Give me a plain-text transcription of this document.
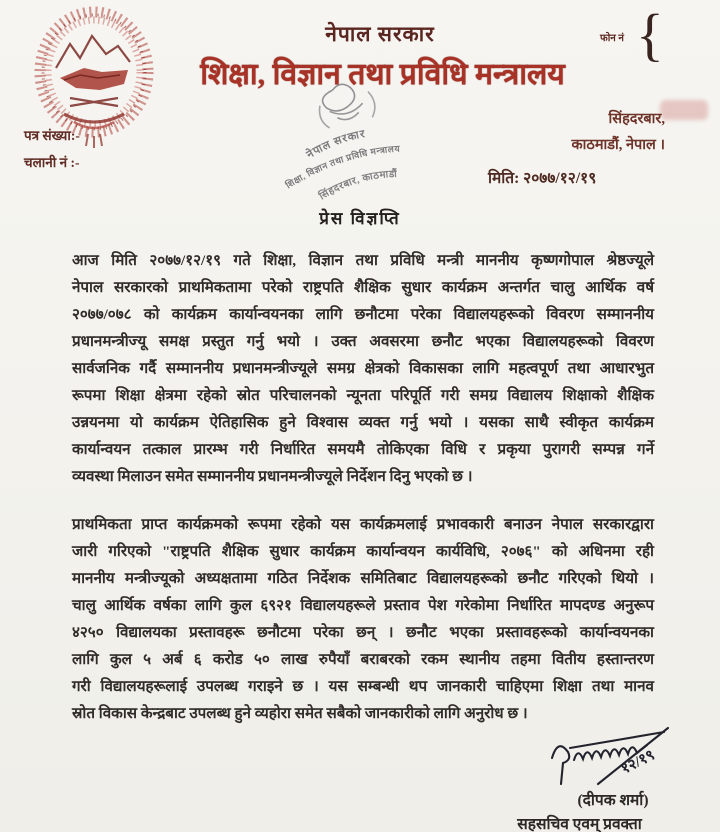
नेपाल सरकार
शिक्षा, विज्ञान तथा प्रविधि मन्त्रालय
फोन नं {
पत्र संख्या:-
चलानी नं :-
सिंहदरबार,
काठमाडौं, नेपाल ।
मिति: २०७७/१२/१९
नेपाल सरकार
शिक्षा, विज्ञान तथा प्रविधि मन्त्रालय
सिंहदरबार, काठमाडौं
प्रेस विज्ञप्ति
आज मिति २०७७/१२/१९ गते शिक्षा, विज्ञान तथा प्रविधि मन्त्री माननीय कृष्णगोपाल श्रेष्ठज्यूले
नेपाल सरकारको प्राथमिकतामा परेको राष्ट्रपति शैक्षिक सुधार कार्यक्रम अन्तर्गत चालु आर्थिक वर्ष
२०७७/०७८ को कार्यक्रम कार्यान्वयनका लागि छनौटमा परेका विद्यालयहरूको विवरण सम्माननीय
प्रधानमन्त्रीज्यू समक्ष प्रस्तुत गर्नु भयो । उक्त अवसरमा छनौट भएका विद्यालयहरूको विवरण
सार्वजनिक गर्दै सम्माननीय प्रधानमन्त्रीज्यूले समग्र क्षेत्रको विकासका लागि महत्वपूर्ण तथा आधारभुत
रूपमा शिक्षा क्षेत्रमा रहेको स्रोत परिचालनको न्यूनता परिपूर्ति गरी समग्र विद्यालय शिक्षाको शैक्षिक
उन्नयनमा यो कार्यक्रम ऐतिहासिक हुने विश्वास व्यक्त गर्नु भयो । यसका साथै स्वीकृत कार्यक्रम
कार्यान्वयन तत्काल प्रारम्भ गरी निर्धारित समयमै तोकिएका विधि र प्रकृया पुरागरी सम्पन्न गर्ने
व्यवस्था मिलाउन समेत सम्माननीय प्रधानमन्त्रीज्यूले निर्देशन दिनु भएको छ ।
प्राथमिकता प्राप्त कार्यक्रमको रूपमा रहेको यस कार्यक्रमलाई प्रभावकारी बनाउन नेपाल सरकारद्वारा
जारी गरिएको "राष्ट्रपति शैक्षिक सुधार कार्यक्रम कार्यान्वयन कार्यविधि, २०७६" को अधिनमा रही
माननीय मन्त्रीज्यूको अध्यक्षतामा गठित निर्देशक समितिबाट विद्यालयहरूको छनौट गरिएको थियो ।
चालु आर्थिक वर्षका लागि कुल ६९२१ विद्यालयहरूले प्रस्ताव पेश गरेकोमा निर्धारित मापदण्ड अनुरूप
४२५० विद्यालयका प्रस्तावहरू छनौटमा परेका छन् । छनौट भएका प्रस्तावहरूको कार्यान्वयनका
लागि कुल ५ अर्ब ६ करोड ५० लाख रुपैयाँ बराबरको रकम स्थानीय तहमा वितीय हस्तान्तरण
गरी विद्यालयहरूलाई उपलब्ध गराइने छ । यस सम्बन्धी थप जानकारी चाहिएमा शिक्षा तथा मानव
स्रोत विकास केन्द्रबाट उपलब्ध हुने व्यहोरा समेत सबैको जानकारीको लागि अनुरोध छ ।
१२/१९
(दीपक शर्मा)
सहसचिव एवम् प्रवक्ता
